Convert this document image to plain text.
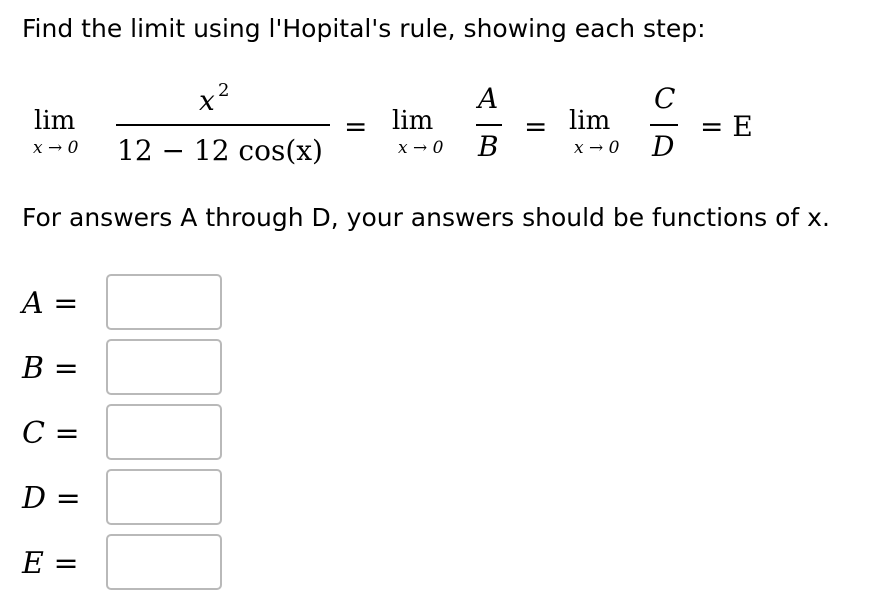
Find the limit using l'Hopital's rule, showing each step:
lim
x → 0
x 2
12 − 12 cos(x)
= lim
x → 0
A
B
= lim
x → 0
C
D
= E
For answers A through D, your answers should be functions of x.
A =
B =
C =
D =
E =
